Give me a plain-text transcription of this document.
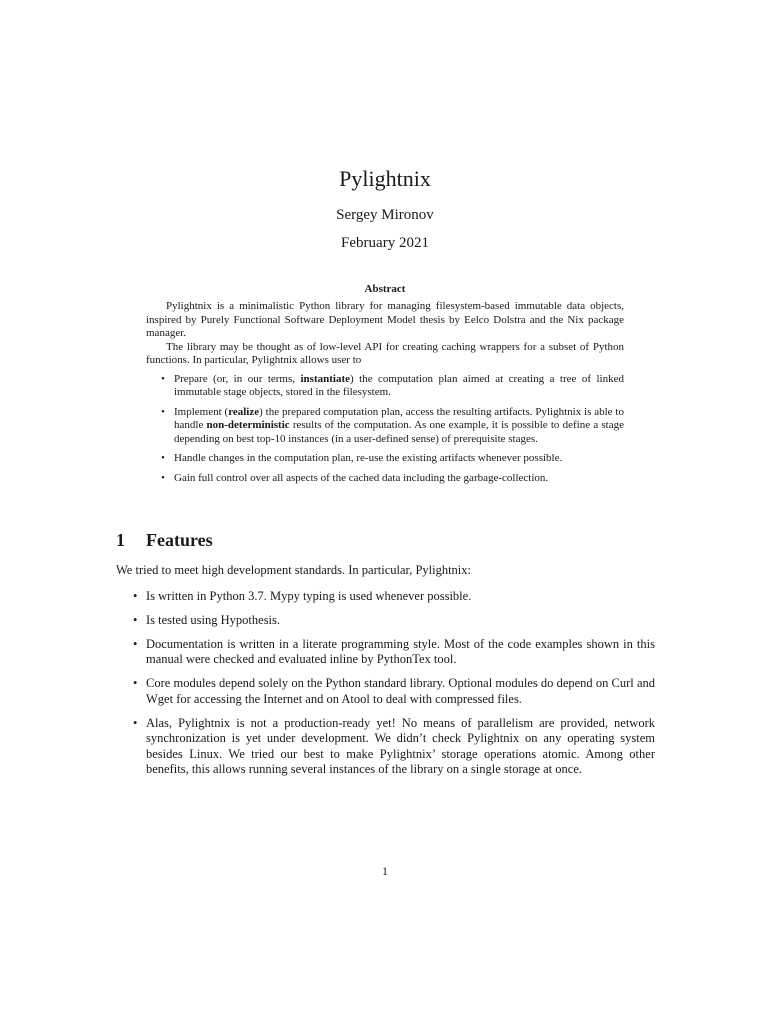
Pylightnix
Sergey Mironov
February 2021
Abstract

Pylightnix is a minimalistic Python library for managing filesystem-based immutable data objects, inspired by Purely Functional Software Deployment Model thesis by Eelco Dolstra and the Nix package manager.

The library may be thought as of low-level API for creating caching wrappers for a subset of Python functions. In particular, Pylightnix allows user to

• Prepare (or, in our terms, instantiate) the computation plan aimed at creating a tree of linked immutable stage objects, stored in the filesystem.
• Implement (realize) the prepared computation plan, access the resulting artifacts. Pylightnix is able to handle non-deterministic results of the computation. As one example, it is possible to define a stage depending on best top-10 instances (in a user-defined sense) of prerequisite stages.
• Handle changes in the computation plan, re-use the existing artifacts whenever possible.
• Gain full control over all aspects of the cached data including the garbage-collection.
1 Features

We tried to meet high development standards. In particular, Pylightnix:

• Is written in Python 3.7. Mypy typing is used whenever possible.
• Is tested using Hypothesis.
• Documentation is written in a literate programming style. Most of the code examples shown in this manual were checked and evaluated inline by PythonTex tool.
• Core modules depend solely on the Python standard library. Optional modules do depend on Curl and Wget for accessing the Internet and on Atool to deal with compressed files.
• Alas, Pylightnix is not a production-ready yet! No means of parallelism are provided, network synchronization is yet under development. We didn’t check Pylightnix on any operating system besides Linux. We tried our best to make Pylightnix’ storage operations atomic. Among other benefits, this allows running several instances of the library on a single storage at once.
1
